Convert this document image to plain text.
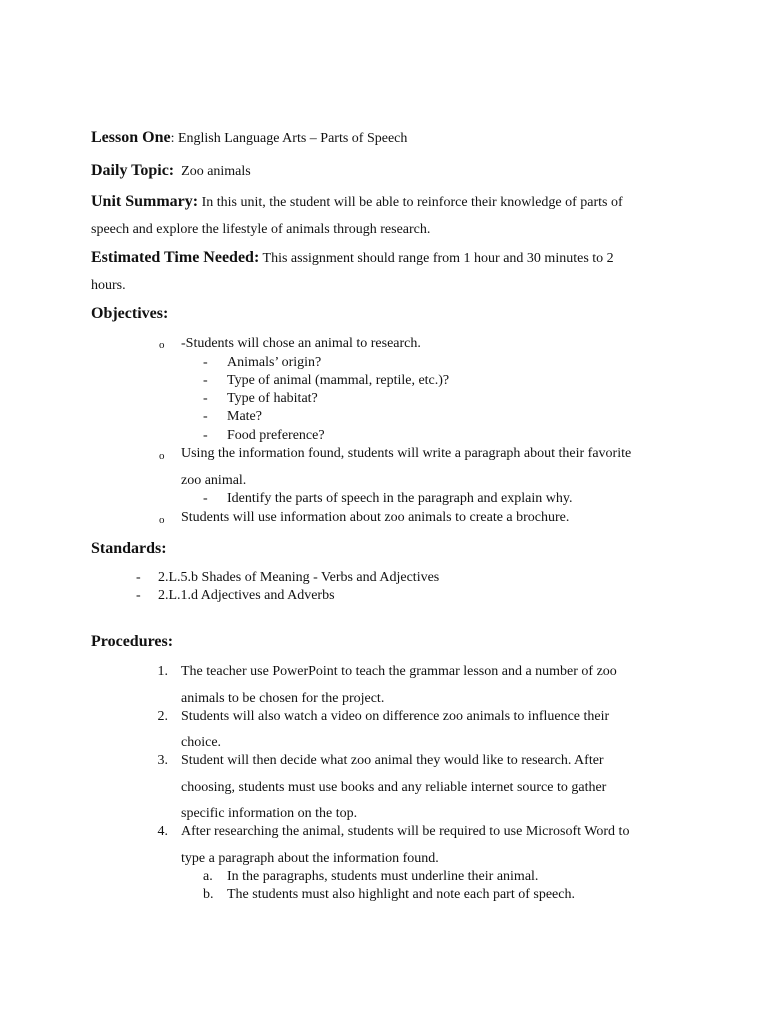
Lesson One: English Language Arts – Parts of Speech
Daily Topic: Zoo animals
Unit Summary: In this unit, the student will be able to reinforce their knowledge of parts of
speech and explore the lifestyle of animals through research.
Estimated Time Needed: This assignment should range from 1 hour and 30 minutes to 2
hours.
Objectives:
o -Students will chose an animal to research.
- Animals’ origin?
- Type of animal (mammal, reptile, etc.)?
- Type of habitat?
- Mate?
- Food preference?
o Using the information found, students will write a paragraph about their favorite
zoo animal.
- Identify the parts of speech in the paragraph and explain why.
o Students will use information about zoo animals to create a brochure.
Standards:
- 2.L.5.b Shades of Meaning - Verbs and Adjectives
- 2.L.1.d Adjectives and Adverbs
Procedures:
1. The teacher use PowerPoint to teach the grammar lesson and a number of zoo
animals to be chosen for the project.
2. Students will also watch a video on difference zoo animals to influence their
choice.
3. Student will then decide what zoo animal they would like to research. After
choosing, students must use books and any reliable internet source to gather
specific information on the top.
4. After researching the animal, students will be required to use Microsoft Word to
type a paragraph about the information found.
a. In the paragraphs, students must underline their animal.
b. The students must also highlight and note each part of speech.
